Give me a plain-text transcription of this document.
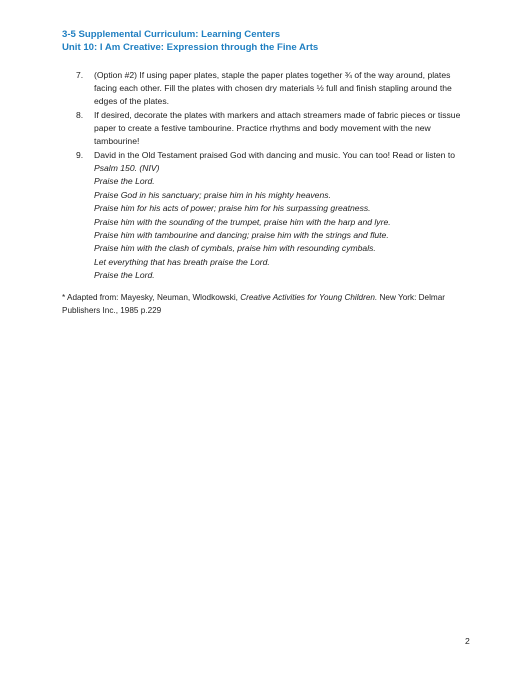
3-5 Supplemental Curriculum: Learning Centers
Unit 10: I Am Creative: Expression through the Fine Arts
7. (Option #2) If using paper plates, staple the paper plates together ¾ of the way around, plates facing each other. Fill the plates with chosen dry materials ½ full and finish stapling around the edges of the plates.
8. If desired, decorate the plates with markers and attach streamers made of fabric pieces or tissue paper to create a festive tambourine. Practice rhythms and body movement with the new tambourine!
9. David in the Old Testament praised God with dancing and music. You can too! Read or listen to
Psalm 150. (NIV)
Praise the Lord.
Praise God in his sanctuary; praise him in his mighty heavens.
Praise him for his acts of power; praise him for his surpassing greatness.
Praise him with the sounding of the trumpet, praise him with the harp and lyre.
Praise him with tambourine and dancing; praise him with the strings and flute.
Praise him with the clash of cymbals, praise him with resounding cymbals.
Let everything that has breath praise the Lord.
Praise the Lord.
* Adapted from: Mayesky, Neuman, Wlodkowski, Creative Activities for Young Children. New York: Delmar Publishers Inc., 1985 p.229
2
